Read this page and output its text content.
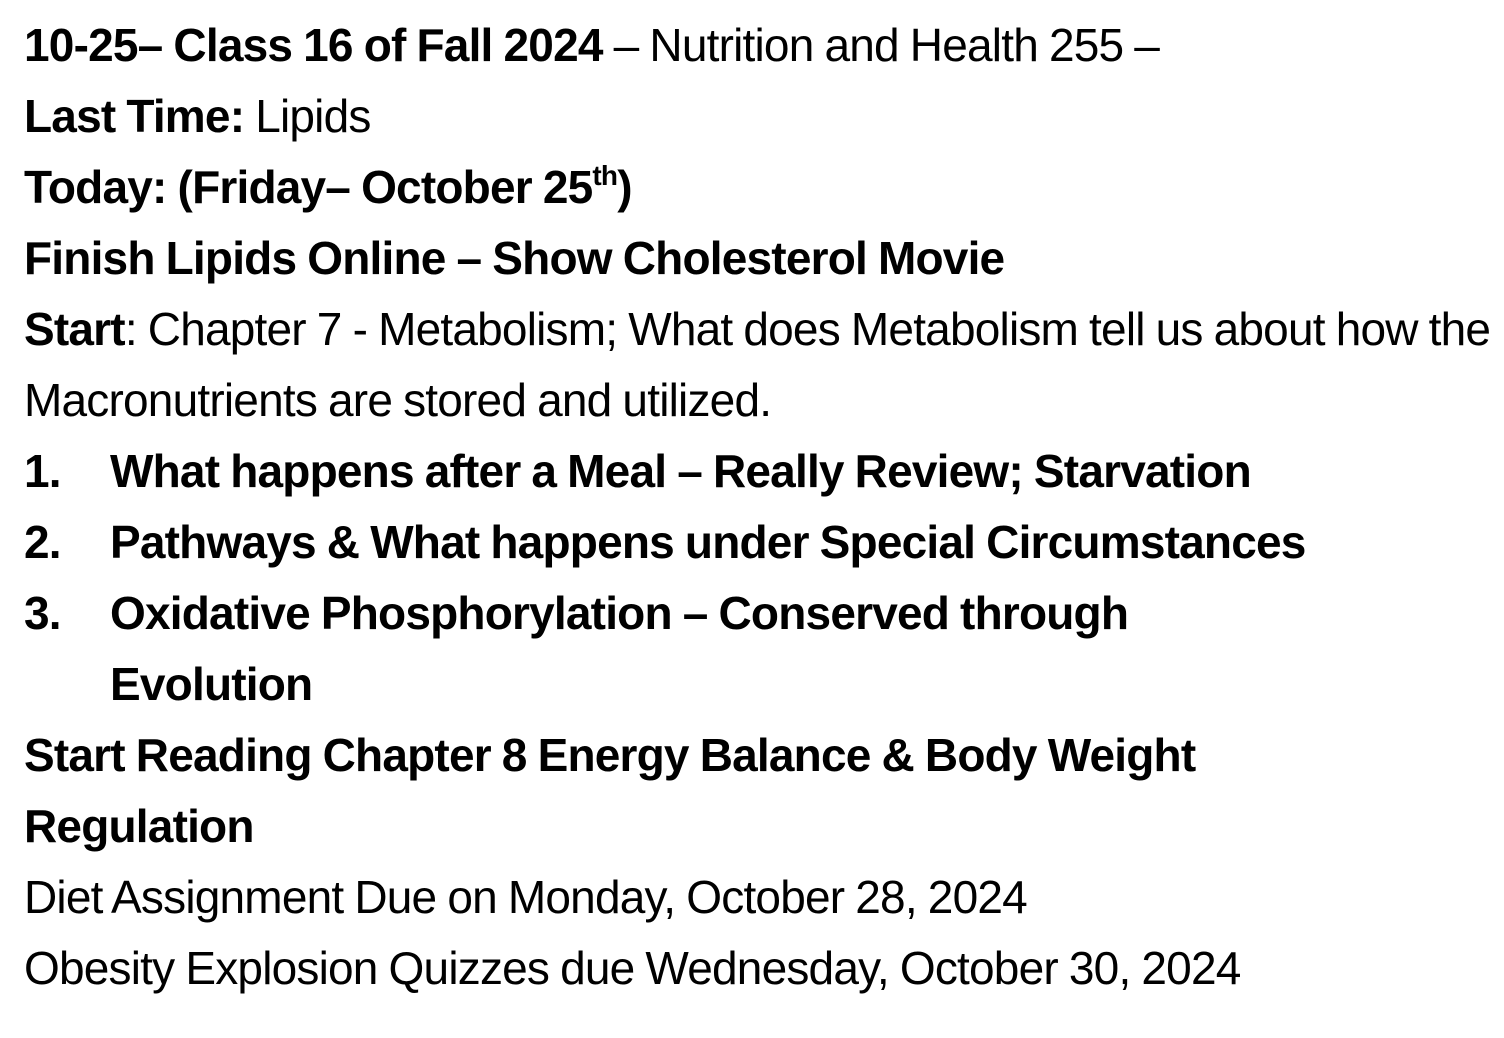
10-25– Class 16 of Fall 2024 – Nutrition and Health 255 –
Last Time: Lipids
Today: (Friday– October 25th)
Finish Lipids Online – Show Cholesterol Movie
Start: Chapter 7 - Metabolism; What does Metabolism tell us about how the Macronutrients are stored and utilized.
1.	What happens after a Meal – Really Review; Starvation
2.	Pathways & What happens under Special Circumstances
3.	Oxidative Phosphorylation – Conserved through Evolution
Start Reading Chapter 8 Energy Balance & Body Weight Regulation
Diet Assignment Due on Monday, October 28, 2024
Obesity Explosion Quizzes due Wednesday, October 30, 2024
